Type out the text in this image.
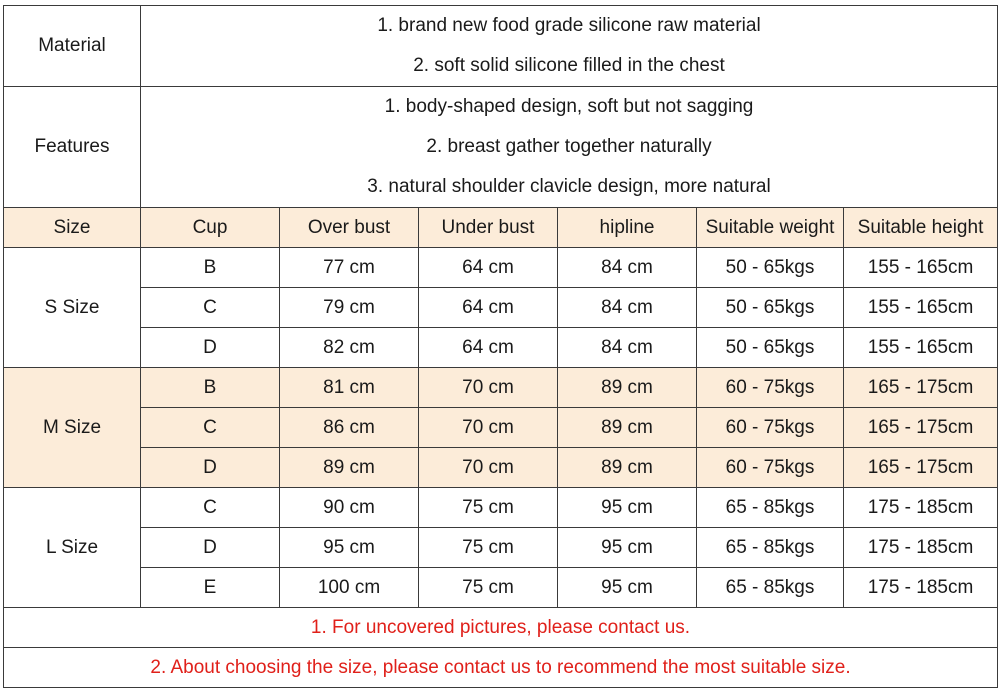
Material	1. brand new food grade silicone raw material
2. soft solid silicone filled in the chest					

Features	1. body-shaped design, soft but not sagging
2. breast gather together naturally
3. natural shoulder clavicle design, more natural					

Size	Cup	Over bust	Under bust	hipline	Suitable weight	Suitable height
S Size	B	77 cm	64 cm	84 cm	50 - 65kgs	155 - 165cm
	C	79 cm	64 cm	84 cm	50 - 65kgs	155 - 165cm
	D	82 cm	64 cm	84 cm	50 - 65kgs	155 - 165cm
M Size	B	81 cm	70 cm	89 cm	60 - 75kgs	165 - 175cm
	C	86 cm	70 cm	89 cm	60 - 75kgs	165 - 175cm
	D	89 cm	70 cm	89 cm	60 - 75kgs	165 - 175cm
L Size	C	90 cm	75 cm	95 cm	65 - 85kgs	175 - 185cm
	D	95 cm	75 cm	95 cm	65 - 85kgs	175 - 185cm
	E	100 cm	75 cm	95 cm	65 - 85kgs	175 - 185cm
1. For uncovered pictures, please contact us.						
2. About choosing the size, please contact us to recommend the most suitable size.						
